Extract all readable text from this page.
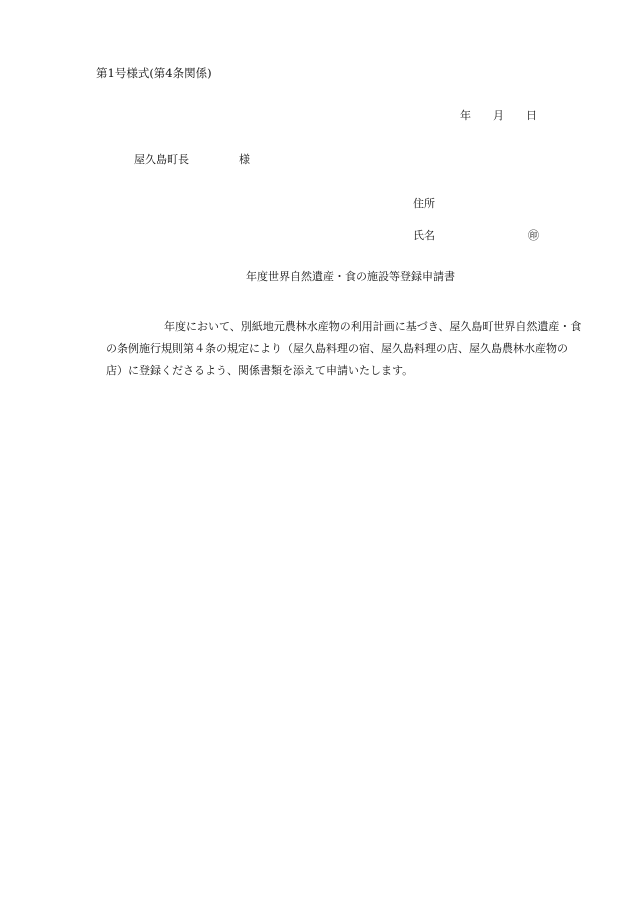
第1号様式(第4条関係)
年 月 日
屋久島町長	様
住所
氏名	㊞
年度世界自然遺産・食の施設等登録申請書
年度において、別紙地元農林水産物の利用計画に基づき、屋久島町世界自然遺産・食の条例施行規則第４条の規定により（屋久島料理の宿、屋久島料理の店、屋久島農林水産物の店）に登録くださるよう、関係書類を添えて申請いたします。
